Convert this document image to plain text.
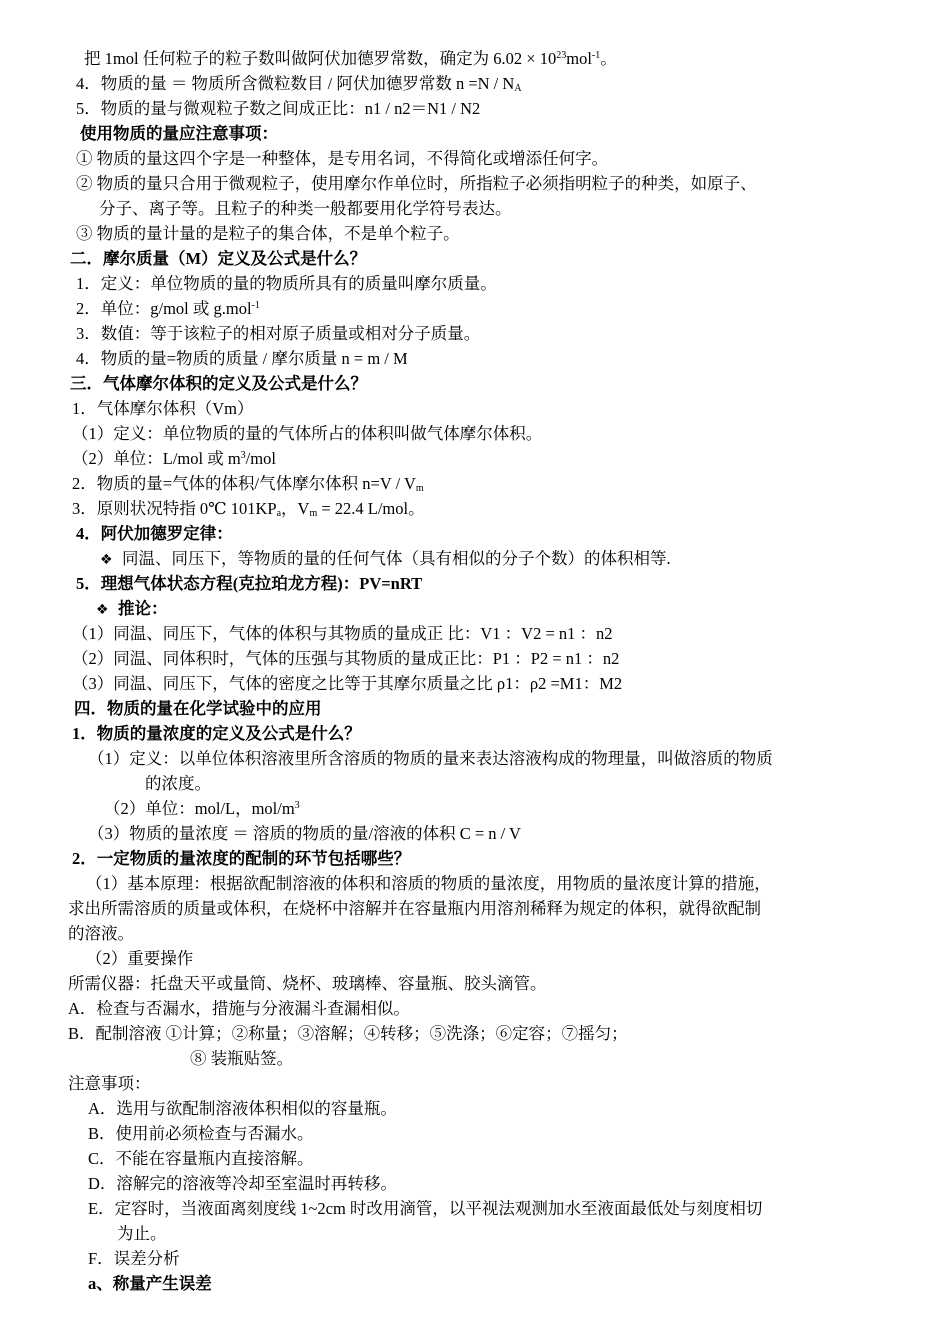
把 1mol 任何粒子的粒子数叫做阿伏加德罗常数，确定为 $6.02 \times 10^{23}mol^{-1}$。
4．物质的量 ＝ 物质所含微粒数目 / 阿伏加德罗常数 $n =N / N_A$
5．物质的量与微观粒子数之间成正比：n1 / n2＝N1 / N2
使用物质的量应注意事项：
① 物质的量这四个字是一种整体，是专用名词，不得简化或增添任何字。
② 物质的量只合用于微观粒子，使用摩尔作单位时，所指粒子必须指明粒子的种类，如原子、
分子、离子等。且粒子的种类一般都要用化学符号表达。
③ 物质的量计量的是粒子的集合体，不是单个粒子。
二．摩尔质量（M）定义及公式是什么？
1．定义：单位物质的量的物质所具有的质量叫摩尔质量。
2．单位：g/mol 或 g.mol$^{-1}$
3．数值：等于该粒子的相对原子质量或相对分子质量。
4．物质的量=物质的质量 / 摩尔质量 n = m / M
三．气体摩尔体积的定义及公式是什么？
1．气体摩尔体积（Vm）
（1）定义：单位物质的量的气体所占的体积叫做气体摩尔体积。
（2）单位：L/mol 或 $m^3$/mol
2．物质的量=气体的体积/气体摩尔体积 $n=V / V_m$
3．原则状况特指 0℃ $101KP_a$，$V_m = 22.4$ L/mol。
4．阿伏加德罗定律：
❖ 同温、同压下，等物质的量的任何气体（具有相似的分子个数）的体积相等.
5．理想气体状态方程(克拉珀龙方程)：PV=nRT
❖ 推论：
（1）同温、同压下，气体的体积与其物质的量成正 比：V1 ：V2 = n1 ：n2
（2）同温、同体积时，气体的压强与其物质的量成正比：P1 ：P2 = n1 ：n2
（3）同温、同压下，气体的密度之比等于其摩尔质量之比 ρ1：ρ2 =M1：M2
四．物质的量在化学试验中的应用
1．物质的量浓度的定义及公式是什么？
（1）定义：以单位体积溶液里所含溶质的物质的量来表达溶液构成的物理量，叫做溶质的物质
的浓度。
（2）单位：mol/L，mol/$m^3$
（3）物质的量浓度 ＝ 溶质的物质的量/溶液的体积 C = n / V
2．一定物质的量浓度的配制的环节包括哪些？
（1）基本原理：根据欲配制溶液的体积和溶质的物质的量浓度，用物质的量浓度计算的措施，
求出所需溶质的质量或体积，在烧杯中溶解并在容量瓶内用溶剂稀释为规定的体积，就得欲配制
的溶液。
（2）重要操作
所需仪器：托盘天平或量筒、烧杯、玻璃棒、容量瓶、胶头滴管。
A．检查与否漏水，措施与分液漏斗查漏相似。
B．配制溶液 ①计算；②称量；③溶解；④转移；⑤洗涤；⑥定容；⑦摇匀；
⑧ 装瓶贴签。
注意事项：
A．选用与欲配制溶液体积相似的容量瓶。
B．使用前必须检查与否漏水。
C．不能在容量瓶内直接溶解。
D．溶解完的溶液等冷却至室温时再转移。
E．定容时，当液面离刻度线 1~2cm 时改用滴管，以平视法观测加水至液面最低处与刻度相切
为止。
F．误差分析
a、称量产生误差
